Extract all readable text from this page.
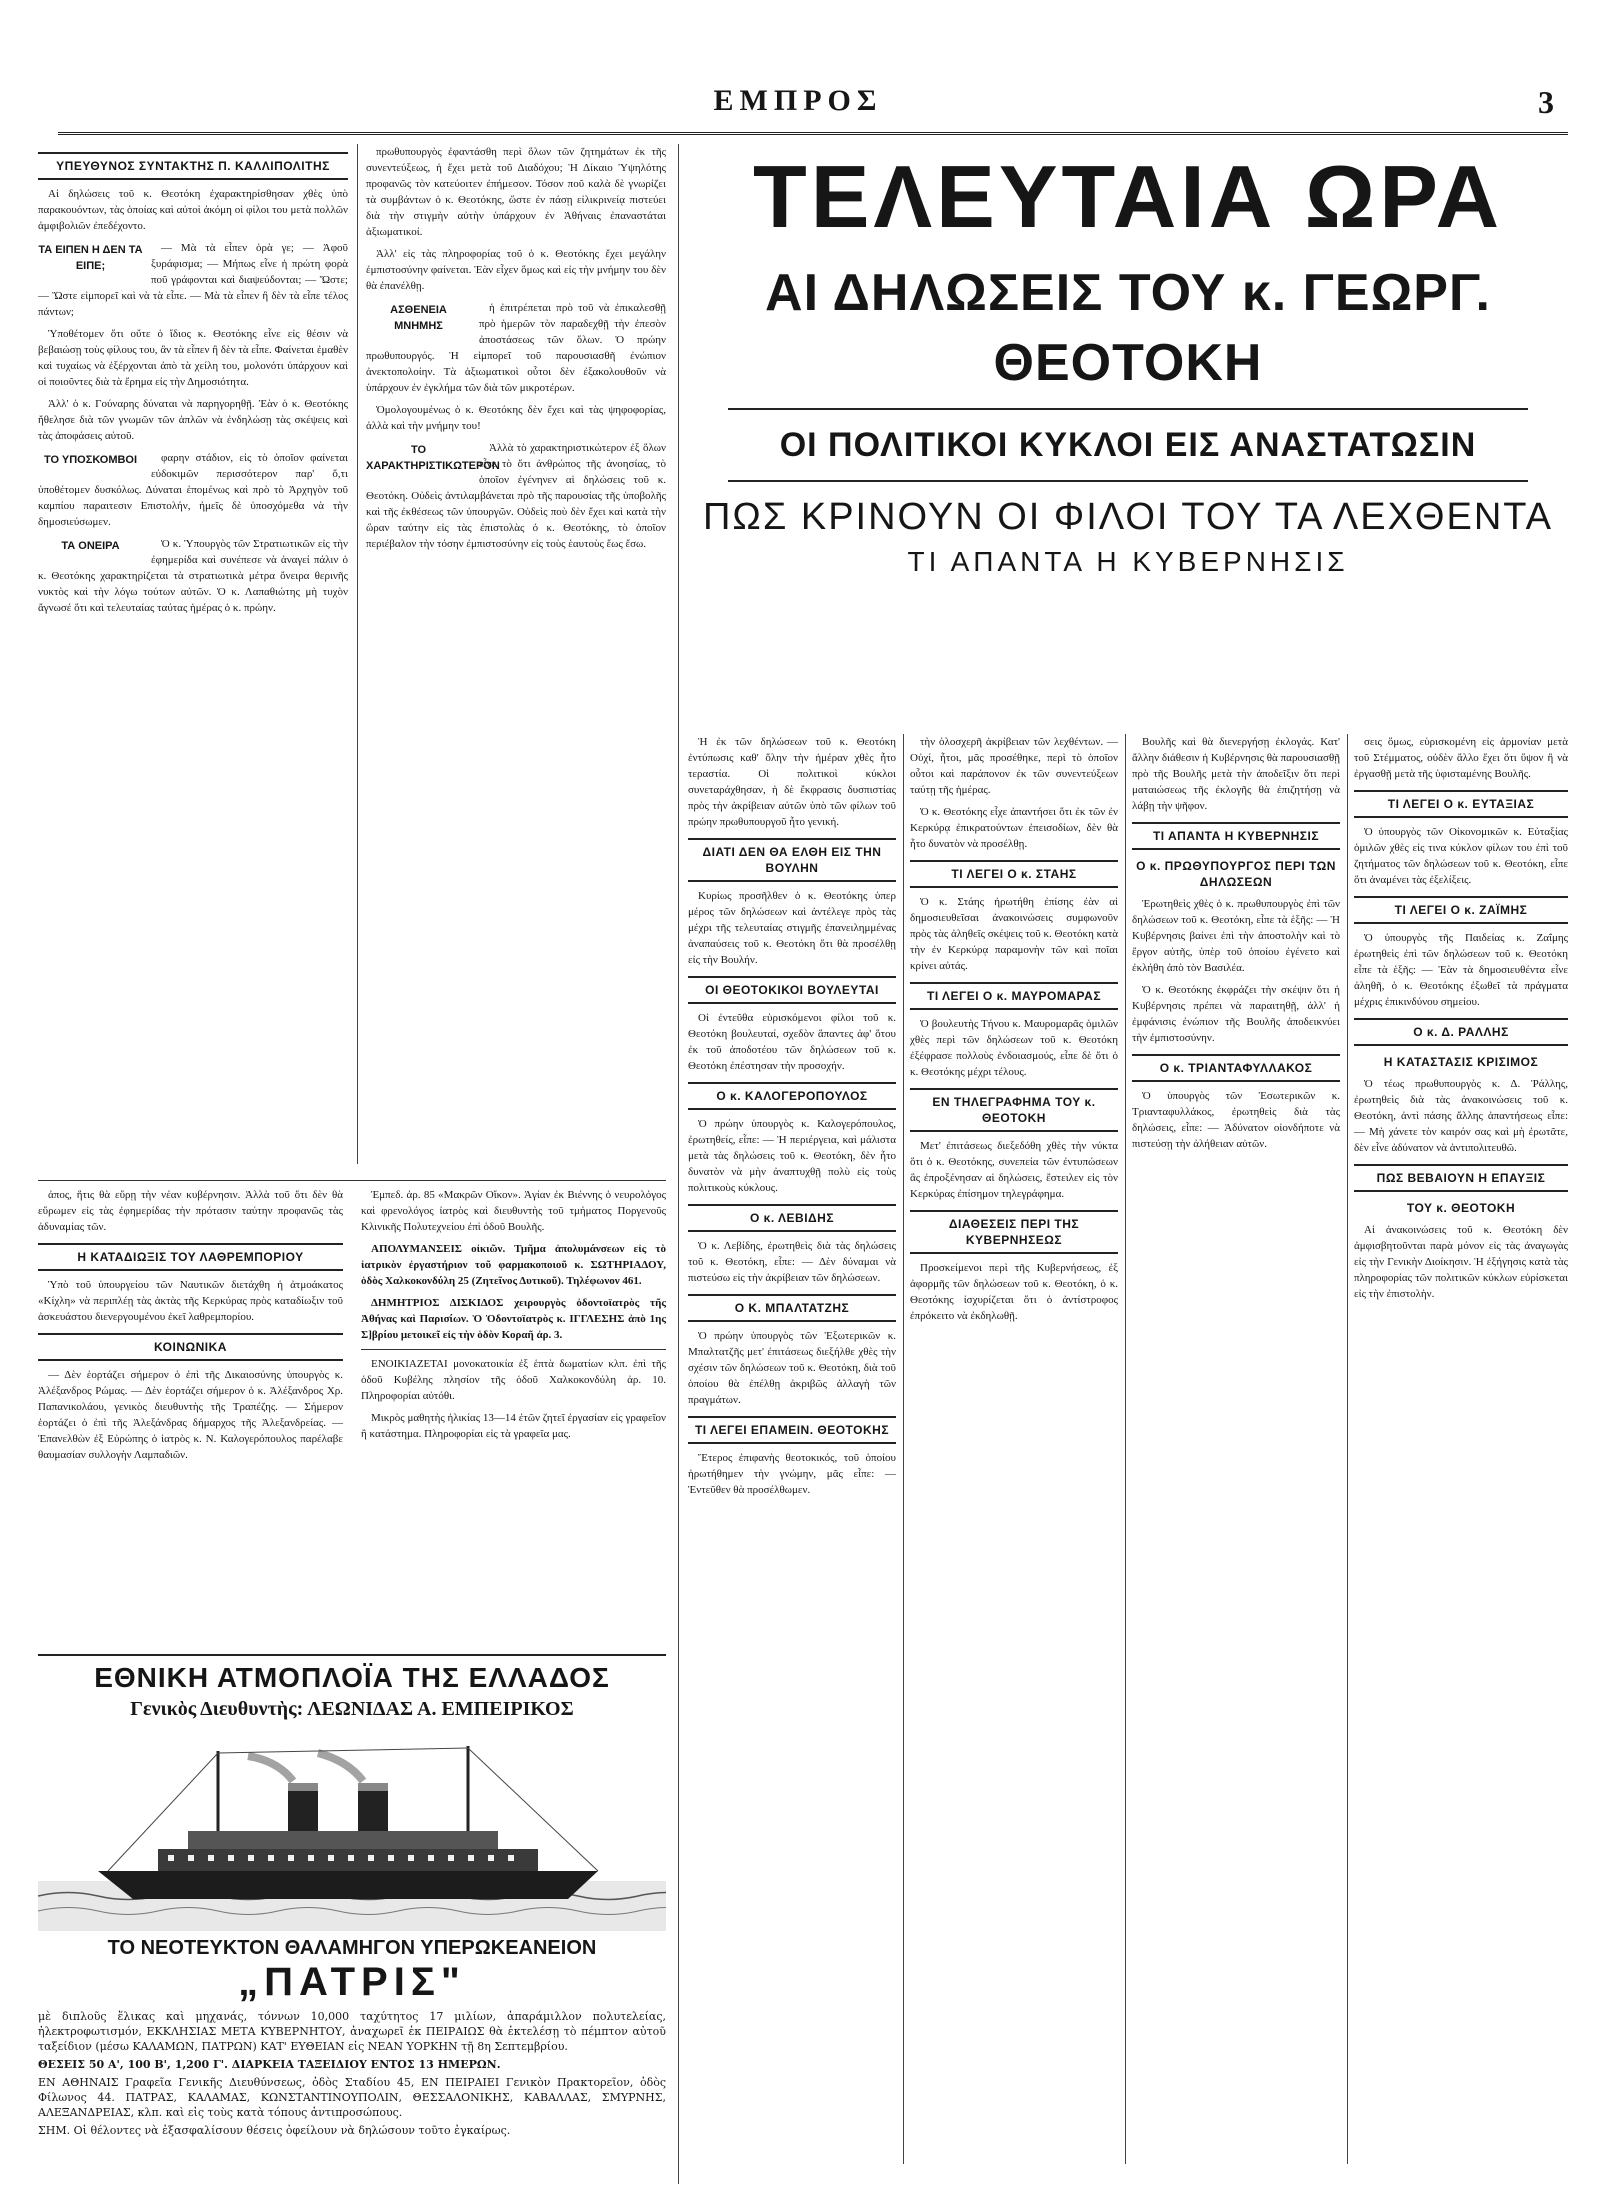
ΕΜΠΡΟΣ	3
ΥΠΕΥΘΥΝΟΣ ΣΥΝΤΑΚΤΗΣ Π. ΚΑΛΛΙΠΟΛΙΤΗΣ

Αἱ δηλώσεις τοῦ κ. Θεοτόκη ἐχαρακτηρίσθησαν χθὲς ὑπὸ παρακουόντων, τὰς ὁποίας καὶ αὐτοὶ ἀκόμη οἱ φίλοι του μετὰ πολλῶν ἀμφιβολιῶν ἐπεδέχοντο.

ΤΑ ΕΙΠΕΝ Η ΔΕΝ ΤΑ ΕΙΠΕ;

— Μὰ τὰ εἶπεν ὁρὰ γε; — Ἀφοῦ ξυράφισμα; — Μήπως εἶνε ἡ πρώτη φορὰ ποῦ γράφονται καὶ διαψεύδονται; — Ὥστε; — Ὥστε εἰμπορεῖ καὶ νὰ τὰ εἶπε. — Μὰ τὰ εἶπεν ἢ δὲν τὰ εἶπε τέλος πάντων;

Ὑποθέτομεν ὅτι οὔτε ὁ ἴδιος κ. Θεοτόκης εἶνε εἰς θέσιν νὰ βεβαιώσῃ τοὺς φίλους του, ἂν τὰ εἶπεν ἢ δὲν τὰ εἶπε. Φαίνεται ἐμαθὲν καὶ τυχαίως νὰ ἐξέρχονται ἀπὸ τὰ χείλη του, μολονότι ὑπάρχουν καὶ οἱ ποιοῦντες διὰ τὰ ἔρημα εἰς τὴν Δημοσιότητα.

Ἀλλ' ὁ κ. Γούναρης δύναται νὰ παρηγορηθῇ. Ἐὰν ὁ κ. Θεοτόκης ἤθελησε διὰ τῶν γνωμῶν τῶν ἀπλῶν νὰ ἐνδηλώσῃ τὰς σκέψεις καὶ τὰς ἀποφάσεις αὐτοῦ.

ΤΟ ΥΠΟΣΚΟΜΒΟΙ	φαρην στάδιον, εἰς τὸ ὁποῖον φαίνεται εὐδοκιμῶν περισσότερον παρ' ὅ,τι ὑποθέτομεν δυσκόλως. Δύναται ἑπομένως καὶ πρὸ τὸ Ἀρχηγὸν τοῦ καμπίου παραιτεσιν Επιστολήν, ἠμεῖς δὲ ὑποσχόμεθα νὰ τὴν δημοσιεύσωμεν.

ΤΑ ΟΝΕΙΡΑ	Ὁ κ. Ὑπουργὸς τῶν Στρατιωτικῶν εἰς τὴν ἐφημερίδα καὶ συνέπεσε νὰ ἀναγεί πάλιν ὁ κ. Θεοτόκης χαρακτηρίζεται τὰ στρατιωτικὰ μέτρα ὄνειρα θερινῆς νυκτὸς καὶ τὴν λόγω τούτων αὐτῶν. Ὁ κ. Λαπαθιώτης μὴ τυχὸν ἄγνωσέ ὅτι καὶ τελευταίας ταύτας ἡμέρας ὁ κ. πρώην.

πρωθυπουργὸς ἐφαντάσθη περὶ ὅλων τῶν ζητημάτων ἐκ τῆς συνεντεύξεως, ἡ ἔχει μετὰ τοῦ Διαδόχου; Ἡ Δίκαιο Ὑψηλότης προφανῶς τὸν κατεύοιτεν ἐπήμεσον. Τόσον ποῦ καλὰ δὲ γνωρίζει τὰ συμβάντων ὁ κ. Θεοτόκης, ὥστε ἐν πάσῃ εἰλικρινείᾳ πιστεύει διὰ τὴν στιγμὴν αὐτὴν ὑπάρχουν ἐν Ἀθήναις ἐπαναστάται ἀξιωματικοί.

Ἀλλ' εἰς τὰς πληροφορίας τοῦ ὁ κ. Θεοτόκης ἔχει μεγάλην ἐμπιστοσύνην φαίνεται. Ἐὰν εἶχεν ὅμως καὶ εἰς τὴν μνήμην του δὲν θὰ ἐπανέλθῃ.

ΑΣΘΕΝΕΙΑ ΜΝΗΜΗΣ

ἡ ἐπιτρέπεται πρὸ τοῦ νὰ ἐπικαλεσθῇ πρὸ ἡμερῶν τὸν παραδεχθῇ τὴν ἐπεσὸν ἀποστάσεως τῶν ὅλων. Ὁ πρώην πρωθυπουργός. Ἡ εἰμπορεῖ τοῦ παρουσιασθῆ ἐνώπιον ἀνεκτοπολοίην. Τὰ ἀξιωματικοὶ οὗτοι δὲν ἐξακολουθοῦν νὰ ὑπάρχουν ἐν ἐγκλήμα τῶν διὰ τῶν μικροτέρων.

Ὁμολογουμένως ὁ κ. Θεοτόκης δὲν ἔχει καὶ τὰς ψηφοφορίας, ἀλλὰ καὶ τὴν μνήμην του!

ΤΟ ΧΑΡΑΚΤΗΡΙΣΤΙΚΩΤΕΡΟΝ

Ἀλλὰ τὸ χαρακτηριστικώτερον ἐξ ὅλων εἶνε τὸ ὅτι ἀνθρώπος τῆς ἀνοησίας, τὸ ὁποῖον ἐγένηνεν αἱ δηλώσεις τοῦ κ. Θεοτόκη. Οὐδεὶς ἀντιλαμβάνεται πρὸ τῆς παρουσίας τῆς ὑποβολῆς καὶ τῆς ἐκθέσεως τῶν ὑπουργῶν. Οὐδεὶς ποὺ δὲν ἔχει καὶ κατὰ τὴν ὥραν ταύτην εἰς τὰς ἐπιστολὰς ὁ κ. Θεοτόκης, τὸ ὁποῖον περιέβαλον τὴν τόσην ἐμπιστοσύνην εἰς τοὺς ἑαυτοὺς ἕως ἔσω.

ἀπος, ἥτις θὰ εὕρῃ τὴν νέαν κυβέρνησιν. Ἀλλὰ τοῦ ὅτι δὲν θὰ εὕρωμεν εἰς τὰς ἐφημερίδας τὴν πρότασιν ταύτην προφανῶς τὰς ἀδυναμίας τῶν.

Η ΚΑΤΑΔΙΩΞΙΣ ΤΟΥ ΛΑΘΡΕΜΠΟΡΙΟΥ

Ὑπὸ τοῦ ὑπουργείου τῶν Ναυτικῶν διετάχθη ἡ ἀτμοάκατος «Κίχλη» νὰ περιπλέῃ τὰς ἀκτὰς τῆς Κερκύρας πρὸς καταδίωξιν τοῦ ἀσκευάστου διενεργουμένου ἐκεῖ λαθρεμπορίου.

ΚΟΙΝΩΝΙΚΑ

— Δὲν ἑορτάζει σήμερον ὁ ἐπὶ τῆς Δικαιοσύνης ὑπουργὸς κ. Ἀλέξανδρος Ρώμας. — Δὲν ἑορτάζει σήμερον ὁ κ. Ἀλέξανδρος Χρ. Παπανικολάου, γενικὸς διευθυντὴς τῆς Τραπέζης. — Σήμερον ἑορτάζει ὁ ἐπὶ τῆς Ἀλεξάνδρας δήμαρχος τῆς Ἀλεξανδρείας. — Ἐπανελθὼν ἐξ Εὐρώπης ὁ ἰατρὸς κ. Ν. Καλογερόπουλος παρέλαβε θαυμασίαν συλλογὴν Λαμπαδιῶν.

Ἐμπεδ. ἀρ. 85 «Μακρῶν Οἴκον». Ἀγίαν ἐκ Βιέννης ὁ νευρολόγος καὶ φρενολόγος ἰατρὸς καὶ διευθυντὴς τοῦ τμήματος Ποργενοῦς Κλινικῆς Πολυτεχνείου ἐπὶ ὁδοῦ Βουλῆς.

ΑΠΟΛΥΜΑΝΣΕΙΣ οἰκιῶν. Τμῆμα ἀπολυμάνσεων εἰς τὸ ἰατρικὸν ἐργαστήριον τοῦ φαρμακοποιοῦ κ. ΣΩΤΗΡΙΑΔΟΥ, ὁδὸς Χαλκοκονδύλη 25 (Ζητεῖνος Δυτικοῦ). Τηλέφωνον 461.

ΔΗΜΗΤΡΙΟΣ ΔΙΣΚΙΔΟΣ χειρουργὸς ὀδοντοϊατρὸς τῆς Ἀθήνας καὶ Παρισίων. Ὁ Ὀδοντοϊατρὸς κ. ΙΓΓΛΕΣΗΣ ἀπὸ 1ης Σ]βρίου μετοικεῖ εἰς τὴν ὁδὸν Κοραῆ ἀρ. 3.

ΕΝΟΙΚΙΑΖΕΤΑΙ μονοκατοικία ἐξ ἑπτὰ δωματίων κλπ. ἐπὶ τῆς ὁδοῦ Κυβέλης πλησίον τῆς ὁδοῦ Χαλκοκονδύλη ἀρ. 10. Πληροφορίαι αὐτόθι.

Μικρὸς μαθητὴς ἡλικίας 13—14 ἐτῶν ζητεῖ ἐργασίαν εἰς γραφεῖον ἢ κατάστημα. Πληροφορίαι εἰς τὰ γραφεῖα μας.

ΤΕΛΕΥΤΑΙΑ ΩΡΑ
ΑΙ ΔΗΛΩΣΕΙΣ ΤΟΥ κ. ΓΕΩΡΓ. ΘΕΟΤΟΚΗ
ΟΙ ΠΟΛΙΤΙΚΟΙ ΚΥΚΛΟΙ ΕΙΣ ΑΝΑΣΤΑΤΩΣΙΝ
ΠΩΣ ΚΡΙΝΟΥΝ ΟΙ ΦΙΛΟΙ ΤΟΥ ΤΑ ΛΕΧΘΕΝΤΑ
ΤΙ ΑΠΑΝΤΑ Η ΚΥΒΕΡΝΗΣΙΣ

Ἡ ἐκ τῶν δηλώσεων τοῦ κ. Θεοτόκη ἐντύπωσις καθ' ὅλην τὴν ἡμέραν χθὲς ἦτο τεραστία. Οἱ πολιτικοὶ κύκλοι συνεταράχθησαν, ἡ δὲ ἔκφρασις δυσπιστίας πρὸς τὴν ἀκρίβειαν αὐτῶν ὑπὸ τῶν φίλων τοῦ πρώην πρωθυπουργοῦ ἦτο γενική.

ΔΙΑΤΙ ΔΕΝ ΘΑ ΕΛΘΗ ΕΙΣ ΤΗΝ ΒΟΥΛΗΝ

Κυρίως προσῆλθεν ὁ κ. Θεοτόκης ὑπερ μέρος τῶν δηλώσεων καὶ ἀντέλεγε πρὸς τὰς μέχρι τῆς τελευταίας στιγμῆς ἐπανειλημμένας ἀναπαύσεις τοῦ κ. Θεοτόκη ὅτι θὰ προσέλθῃ εἰς τὴν Βουλήν.

ΟΙ ΘΕΟΤΟΚΙΚΟΙ ΒΟΥΛΕΥΤΑΙ

Οἱ ἐντεῦθα εὑρισκόμενοι φίλοι τοῦ κ. Θεοτόκη βουλευταί, σχεδὸν ἅπαντες ἀφ' ὅτου ἐκ τοῦ ἀποδοτέου τῶν δηλώσεων τοῦ κ. Θεοτόκη ἐπέστησαν τὴν προσοχήν.

Ο κ. ΚΑΛΟΓΕΡΟΠΟΥΛΟΣ

Ὁ πρώην ὑπουργὸς κ. Καλογερόπουλος, ἐρωτηθείς, εἶπε: — Ἡ περιέργεια, καὶ μάλιστα μετὰ τὰς δηλώσεις τοῦ κ. Θεοτόκη, δὲν ἦτο δυνατὸν νὰ μὴν ἀναπτυχθῇ πολὺ εἰς τοὺς πολιτικοὺς κύκλους.

Ο κ. ΛΕΒΙΔΗΣ

Ὁ κ. Λεβίδης, ἐρωτηθεὶς διὰ τὰς δηλώσεις τοῦ κ. Θεοτόκη, εἶπε: — Δὲν δύναμαι νὰ πιστεύσω εἰς τὴν ἀκρίβειαν τῶν δηλώσεων.

Ο Κ. ΜΠΑΛΤΑΤΖΗΣ

Ὁ πρώην ὑπουργὸς τῶν Ἐξωτερικῶν κ. Μπαλτατζῆς μετ' ἐπιτάσεως διεξήλθε χθὲς τὴν σχέσιν τῶν δηλώσεων τοῦ κ. Θεοτόκη, διὰ τοῦ ὁποίου θὰ ἐπέλθῃ ἀκριβῶς ἀλλαγὴ τῶν πραγμάτων.

ΤΙ ΛΕΓΕΙ ΕΠΑΜΕΙΝ. ΘΕΟΤΟΚΗΣ

Ἕτερος ἐπιφανὴς θεοτοκικός, τοῦ ὁποίου ἠρωτήθημεν τὴν γνώμην, μᾶς εἶπε: — Ἐντεῦθεν θὰ προσέλθωμεν.

τὴν ὁλοσχερῆ ἀκρίβειαν τῶν λεχθέντων. — Οὐχί, ἦτοι, μᾶς προσέθηκε, περὶ τὸ ὁποῖον οὗτοι καὶ παράπονον ἐκ τῶν συνεντεύξεων ταύτῃ τῆς ἡμέρας.

Ὁ κ. Θεοτόκης εἶχε ἀπαντήσει ὅτι ἐκ τῶν ἐν Κερκύρᾳ ἐπικρατούντων ἐπεισοδίων, δὲν θὰ ἦτο δυνατὸν νὰ προσέλθῃ.

ΤΙ ΛΕΓΕΙ Ο κ. ΣΤΑΗΣ

Ὁ κ. Στάης ἠρωτήθη ἐπίσης ἐὰν αἱ δημοσιευθεῖσαι ἀνακοινώσεις συμφωνοῦν πρὸς τὰς ἀληθεῖς σκέψεις τοῦ κ. Θεοτόκη κατὰ τὴν ἐν Κερκύρᾳ παραμονὴν τῶν καὶ ποῖαι κρίνει αὐτάς.

ΤΙ ΛΕΓΕΙ Ο κ. ΜΑΥΡΟΜΑΡΑΣ

Ὁ βουλευτὴς Τήνου κ. Μαυρομαρᾶς ὁμιλῶν χθὲς περὶ τῶν δηλώσεων τοῦ κ. Θεοτόκη ἐξέφρασε πολλοὺς ἐνδοιασμούς, εἶπε δὲ ὅτι ὁ κ. Θεοτόκης μέχρι τέλους.

ΕΝ ΤΗΛΕΓΡΑΦΗΜΑ ΤΟΥ κ. ΘΕΟΤΟΚΗ

Μετ' ἐπιτάσεως διεξεδόθη χθὲς τὴν νύκτα ὅτι ὁ κ. Θεοτόκης, συνεπεία τῶν ἐντυπώσεων ἃς ἐπροξένησαν αἱ δηλώσεις, ἔστειλεν εἰς τὸν Κερκύρας ἐπίσημον τηλεγράφημα.

ΔΙΑΘΕΣΕΙΣ ΠΕΡΙ ΤΗΣ ΚΥΒΕΡΝΗΣΕΩΣ

Προσκείμενοι περὶ τῆς Κυβερνήσεως, ἐξ ἀφορμῆς τῶν δηλώσεων τοῦ κ. Θεοτόκη, ὁ κ. Θεοτόκης ἰσχυρίζεται ὅτι ὁ ἀντίστροφος ἐπρόκειτο νὰ ἐκδηλωθῇ.

Βουλῆς καὶ θὰ διενεργήσῃ ἐκλογάς. Κατ' ἄλλην διάθεσιν ἡ Κυβέρνησις θὰ παρουσιασθῇ πρὸ τῆς Βουλῆς μετὰ τὴν ἀποδεῖξιν ὅτι περὶ ματαιώσεως τῆς ἐκλογῆς θὰ ἐπιζητήσῃ νὰ λάβῃ τὴν ψῆφον.

ΤΙ ΑΠΑΝΤΑ Η ΚΥΒΕΡΝΗΣΙΣ
Ο κ. ΠΡΩΘΥΠΟΥΡΓΟΣ ΠΕΡΙ ΤΩΝ ΔΗΛΩΣΕΩΝ

Ἐρωτηθεὶς χθὲς ὁ κ. πρωθυπουργὸς ἐπὶ τῶν δηλώσεων τοῦ κ. Θεοτόκη, εἶπε τὰ ἑξῆς: — Ἡ Κυβέρνησις βαίνει ἐπὶ τὴν ἀποστολὴν καὶ τὸ ἔργον αὐτῆς, ὑπὲρ τοῦ ὁποίου ἐγένετο καὶ ἐκλήθη ἀπὸ τὸν Βασιλέα.

Ὁ κ. Θεοτόκης ἐκφράζει τὴν σκέψιν ὅτι ἡ Κυβέρνησις πρέπει νὰ παραιτηθῇ, ἀλλ' ἡ ἐμφάνισις ἐνώπιον τῆς Βουλῆς ἀποδεικνύει τὴν ἐμπιστοσύνην.

Ο κ. ΤΡΙΑΝΤΑΦΥΛΛΑΚΟΣ

Ὁ ὑπουργὸς τῶν Ἐσωτερικῶν κ. Τριανταφυλλάκος, ἐρωτηθεὶς διὰ τὰς δηλώσεις, εἶπε: — Ἀδύνατον οἰονδήποτε νὰ πιστεύσῃ τὴν ἀλήθειαν αὐτῶν.

σεις ὅμως, εὑρισκομένη εἰς ἀρμονίαν μετὰ τοῦ Στέμματος, οὐδὲν ἄλλο ἔχει ὅτι ὕψον ἢ νὰ ἐργασθῇ μετὰ τῆς ὑφισταμένης Βουλῆς.

ΤΙ ΛΕΓΕΙ Ο κ. ΕΥΤΑΞΙΑΣ

Ὁ ὑπουργὸς τῶν Οἰκονομικῶν κ. Εὐταξίας ὁμιλῶν χθὲς εἰς τινα κύκλον φίλων του ἐπὶ τοῦ ζητήματος τῶν δηλώσεων τοῦ κ. Θεοτόκη, εἶπε ὅτι ἀναμένει τὰς ἐξελίξεις.

ΤΙ ΛΕΓΕΙ Ο κ. ΖΑΪΜΗΣ

Ὁ ὑπουργὸς τῆς Παιδείας κ. Ζαΐμης ἐρωτηθεὶς ἐπὶ τῶν δηλώσεων τοῦ κ. Θεοτόκη εἶπε τὰ ἑξῆς: — Ἐὰν τὰ δημοσιευθέντα εἶνε ἀληθῆ, ὁ κ. Θεοτόκης ἐξωθεῖ τὰ πράγματα μέχρις ἐπικινδύνου σημείου.

Ο κ. Δ. ΡΑΛΛΗΣ
Η ΚΑΤΑΣΤΑΣΙΣ ΚΡΙΣΙΜΟΣ

Ὁ τέως πρωθυπουργὸς κ. Δ. Ῥάλλης, ἐρωτηθεὶς διὰ τὰς ἀνακοινώσεις τοῦ κ. Θεοτόκη, ἀντὶ πάσης ἄλλης ἀπαντήσεως εἶπε: — Μὴ χάνετε τὸν καιρόν σας καὶ μὴ ἐρωτᾶτε, δὲν εἶνε ἀδύνατον νὰ ἀντιπολιτευθῶ.

ΠΩΣ ΒΕΒΑΙΟΥΝ Η ΕΠΑΥΞΙΣ
ΤΟΥ κ. ΘΕΟΤΟΚΗ

Αἱ ἀνακοινώσεις τοῦ κ. Θεοτόκη δὲν ἀμφισβητοῦνται παρὰ μόνον εἰς τὰς ἀναγωγὰς εἰς τὴν Γενικὴν Διοίκησιν. Ἡ ἐξήγησις κατὰ τὰς πληροφορίας τῶν πολιτικῶν κύκλων εὑρίσκεται εἰς τὴν ἐπιστολὴν.

ΕΘΝΙΚΗ ΑΤΜΟΠΛΟΪΑ ΤΗΣ ΕΛΛΑΔΟΣ
Γενικὸς Διευθυντὴς: ΛΕΩΝΙΔΑΣ Α. ΕΜΠΕΙΡΙΚΟΣ
ΤΟ ΝΕΟΤΕΥΚΤΟΝ ΘΑΛΑΜΗΓΟΝ ΥΠΕΡΩΚΕΑΝΕΙΟΝ
„ΠΑΤΡΙΣ"

μὲ διπλοῦς ἕλικας καὶ μηχανάς, τόννων 10,000 ταχύτητος 17 μιλίων, ἀπαράμιλλον πολυτελείας, ἠλεκτροφωτισμόν, ΕΚΚΛΗΣΙΑΣ ΜΕΤΑ ΚΥΒΕΡΝΗΤΟΥ, ἀναχωρεῖ ἐκ ΠΕΙΡΑΙΩΣ θὰ ἐκτελέσῃ τὸ πέμπτον αὐτοῦ ταξείδιον (μέσω ΚΑΛΑΜΩΝ, ΠΑΤΡΩΝ) ΚΑΤ' ΕΥΘΕΙΑΝ εἰς ΝΕΑΝ ΥΟΡΚΗΝ τῇ 8η Σεπτεμβρίου.

ΘΕΣΕΙΣ 50 Α', 100 Β', 1,200 Γ'. ΔΙΑΡΚΕΙΑ ΤΑΞΕΙΔΙΟΥ ΕΝΤΟΣ 13 ΗΜΕΡΩΝ.

ΕΝ ΑΘΗΝΑΙΣ Γραφεῖα Γενικῆς Διευθύνσεως, ὁδὸς Σταδίου 45, ΕΝ ΠΕΙΡΑΙΕΙ Γενικὸν Πρακτορεῖον, ὁδὸς Φίλωνος 44. ΠΑΤΡΑΣ, ΚΑΛΑΜΑΣ, ΚΩΝΣΤΑΝΤΙΝΟΥΠΟΛΙΝ, ΘΕΣΣΑΛΟΝΙΚΗΣ, ΚΑΒΑΛΛΑΣ, ΣΜΥΡΝΗΣ, ΑΛΕΞΑΝΔΡΕΙΑΣ, κλπ. καὶ εἰς τοὺς κατὰ τόπους ἀντιπροσώπους.

ΣΗΜ. Οἱ θέλοντες νὰ ἐξασφαλίσουν θέσεις ὀφείλουν νὰ δηλώσουν τοῦτο ἐγκαίρως.
